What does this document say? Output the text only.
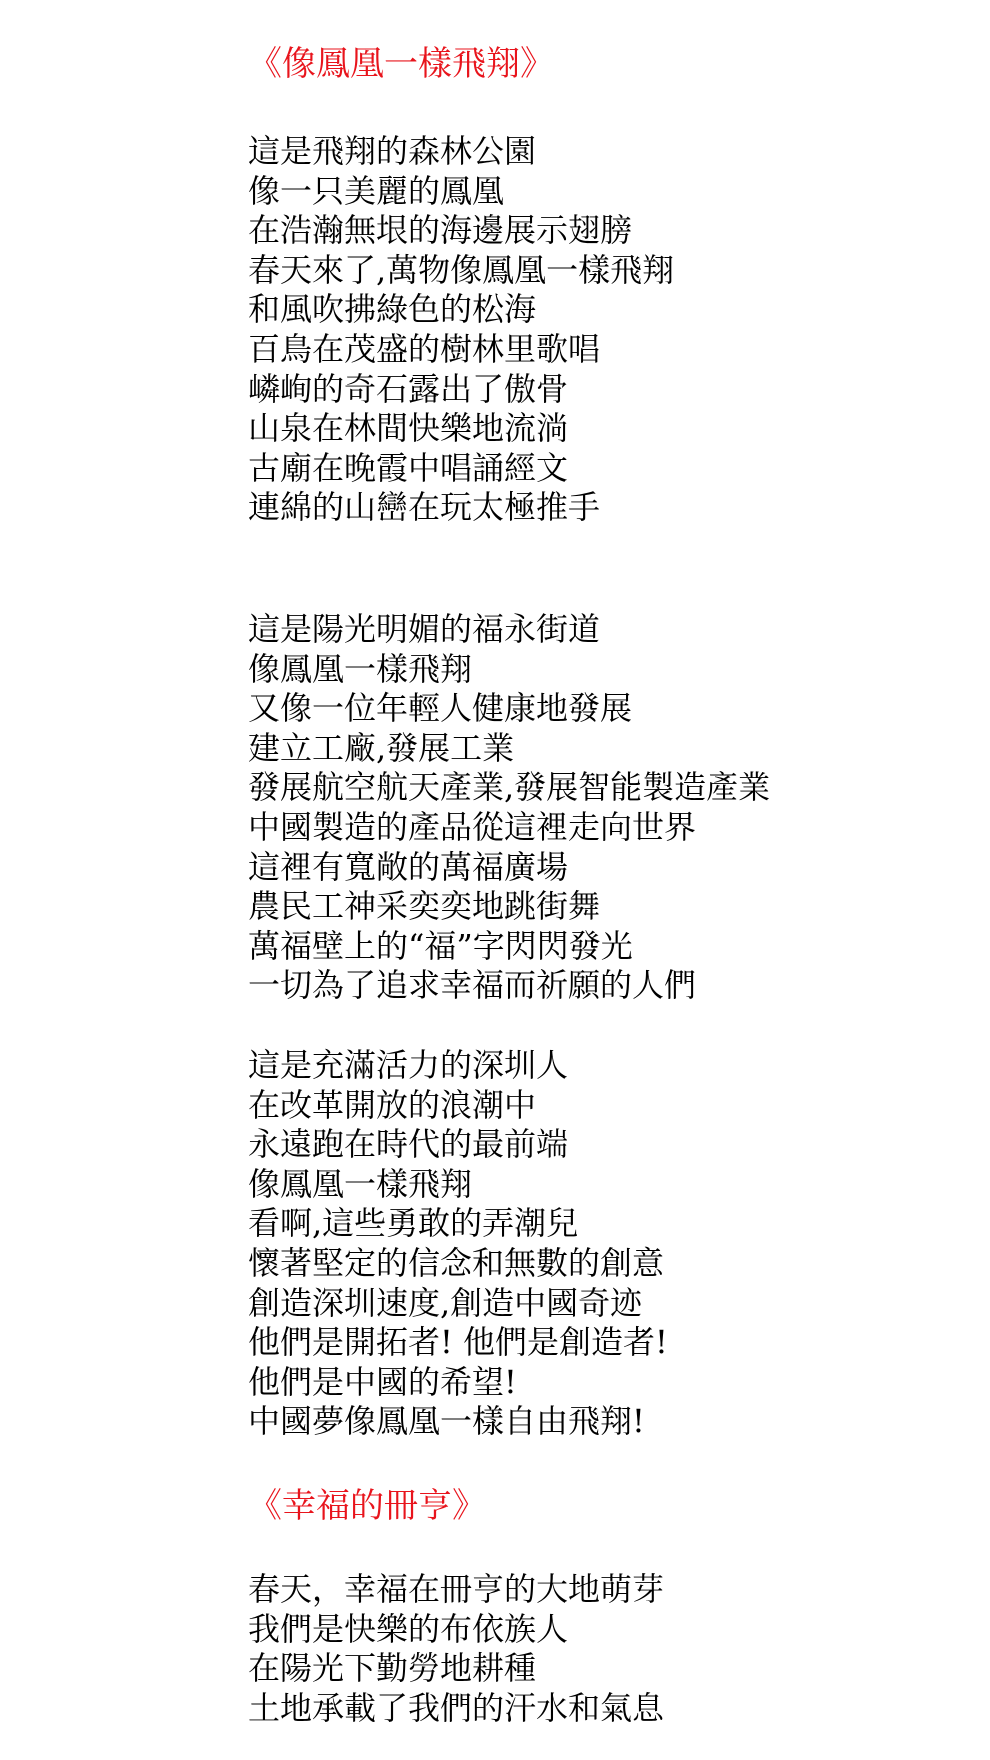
《像鳳凰一樣飛翔》
這是飛翔的森林公園
像一只美麗的鳳凰
在浩瀚無垠的海邊展示翅膀
春天來了,萬物像鳳凰一樣飛翔
和風吹拂綠色的松海
百鳥在茂盛的樹林里歌唱
嶙峋的奇石露出了傲骨
山泉在林間快樂地流淌
古廟在晚霞中唱誦經文
連綿的山巒在玩太極推手
這是陽光明媚的福永街道
像鳳凰一樣飛翔
又像一位年輕人健康地發展
建立工廠,發展工業
發展航空航天產業,發展智能製造產業
中國製造的產品從這裡走向世界
這裡有寬敞的萬福廣場
農民工神采奕奕地跳街舞
萬福壁上的“福”字閃閃發光
一切為了追求幸福而祈願的人們
這是充滿活力的深圳人
在改革開放的浪潮中
永遠跑在時代的最前端
像鳳凰一樣飛翔
看啊,這些勇敢的弄潮兒
懷著堅定的信念和無數的創意
創造深圳速度,創造中國奇迹
他們是開拓者! 他們是創造者!
他們是中國的希望!
中國夢像鳳凰一樣自由飛翔!
《幸福的冊亨》
春天，幸福在冊亨的大地萌芽
我們是快樂的布依族人
在陽光下勤勞地耕種
土地承載了我們的汗水和氣息
